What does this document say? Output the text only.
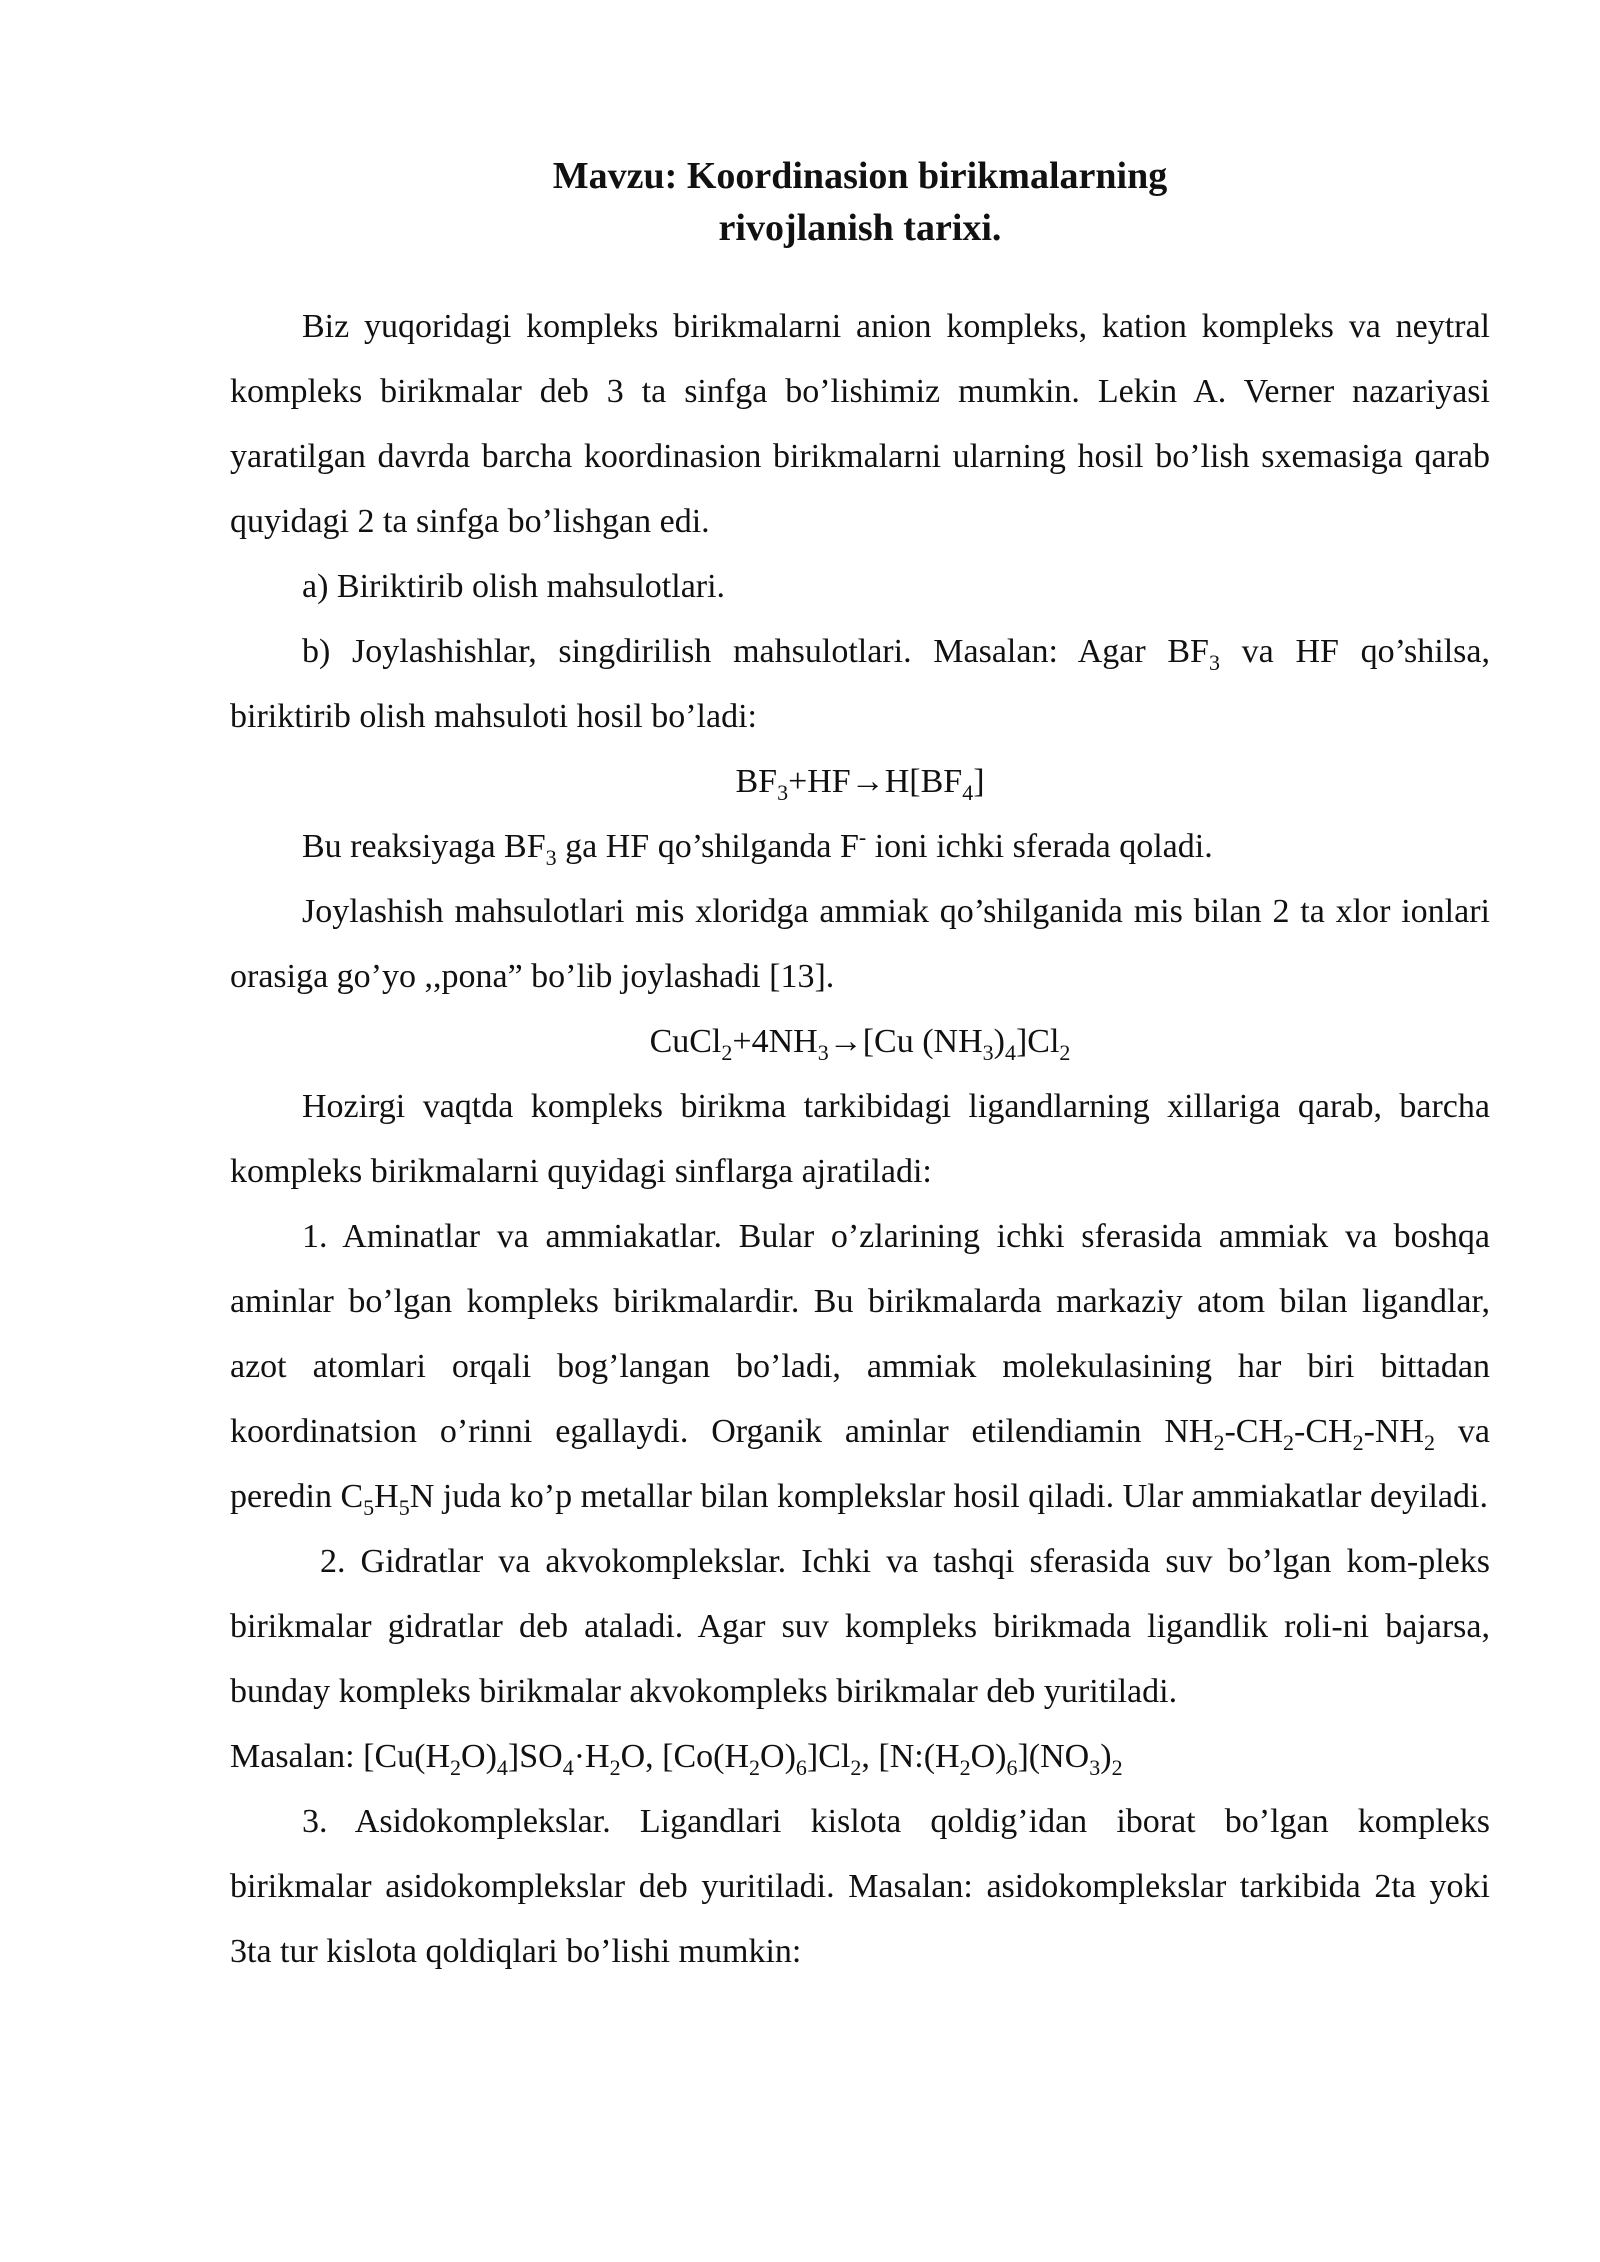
Mavzu: Koordinasion birikmalarning
rivojlanish tarixi.

Biz yuqoridagi kompleks birikmalarni anion kompleks, kation kompleks va neytral kompleks birikmalar deb 3 ta sinfga bo’lishimiz mumkin. Lekin A. Verner nazariyasi yaratilgan davrda barcha koordinasion birikmalarni ularning hosil bo’lish sxemasiga qarab quyidagi 2 ta sinfga bo’lishgan edi.

a) Biriktirib olish mahsulotlari.

b) Joylashishlar, singdirilish mahsulotlari. Masalan: Agar $BF_3$ va HF qo’shilsa, biriktirib olish mahsuloti hosil bo’ladi:

$BF_3+HF\to H[BF_4]$

Bu reaksiyaga $BF_3$ ga HF qo’shilganda F- ioni ichki sferada qoladi.

Joylashish mahsulotlari mis xloridga ammiak qo’shilganida mis bilan 2 ta xlor ionlari orasiga go’yo ,,pona” bo’lib joylashadi [13].

$CuCl_2+4NH_3\to[Cu$ $(NH_3)_4]Cl_2$

Hozirgi vaqtda kompleks birikma tarkibidagi ligandlarning xillariga qarab, barcha kompleks birikmalarni quyidagi sinflarga ajratiladi:

1. Aminatlar va ammiakatlar. Bular o’zlarining ichki sferasida ammiak va boshqa aminlar bo’lgan kompleks birikmalardir. Bu birikmalarda markaziy atom bilan ligandlar, azot atomlari orqali bog’langan bo’ladi, ammiak molekulasining har biri bittadan koordinatsion o’rinni egallaydi. Organik aminlar etilendiamin $NH_2-CH_2-CH_2-NH_2$ va peredin $C_5H_5N$ juda ko’p metallar bilan komplekslar hosil qiladi. Ular ammiakatlar deyiladi.

2. Gidratlar va akvokomplekslar. Ichki va tashqi sferasida suv bo’lgan kom-pleks birikmalar gidratlar deb ataladi. Agar suv kompleks birikmada ligandlik roli-ni bajarsa, bunday kompleks birikmalar akvokompleks birikmalar deb yuritiladi.

Masalan: $[Cu(H_2O)_4]SO_4\cdot H_2O$, $[Co(H_2O)_6]Cl_2$, $[N:(H_2O)_6](NO_3)_2$

3. Asidokomplekslar. Ligandlari kislota qoldig’idan iborat bo’lgan kompleks birikmalar asidokomplekslar deb yuritiladi. Masalan: asidokomplekslar tarkibida 2ta yoki 3ta tur kislota qoldiqlari bo’lishi mumkin:
